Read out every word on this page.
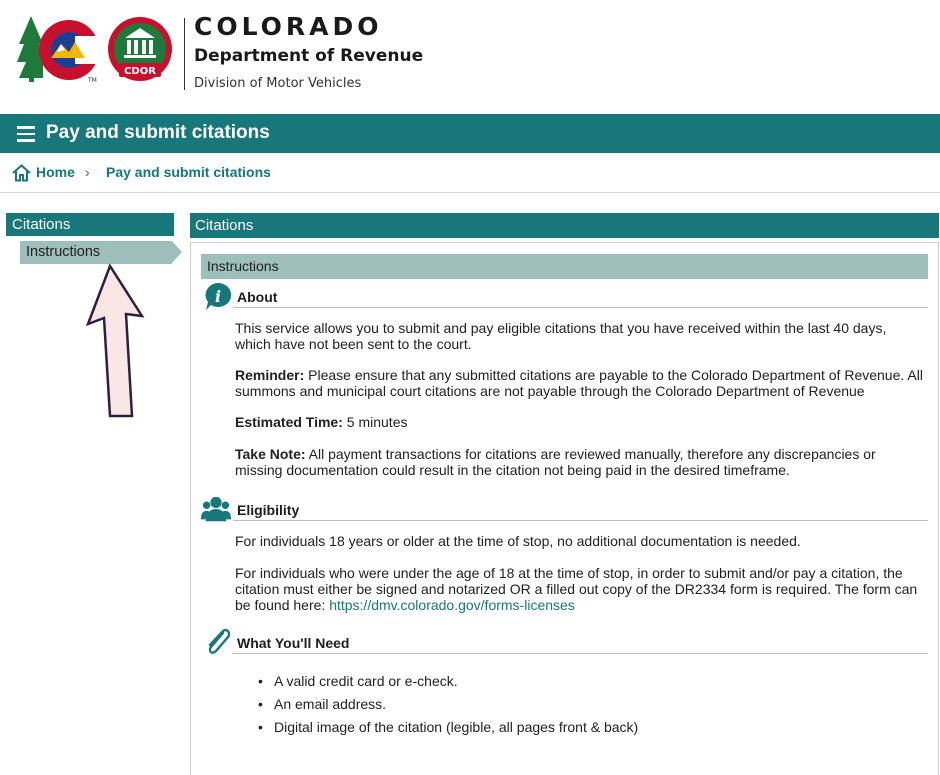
TM
CDOR
COLORADO
Department of Revenue
Division of Motor Vehicles
Pay and submit citations
Home › Pay and submit citations
Citations
Instructions
Citations
Instructions
i About
This service allows you to submit and pay eligible citations that you have received within the last 40 days, which have not been sent to the court.
Reminder: Please ensure that any submitted citations are payable to the Colorado Department of Revenue. All summons and municipal court citations are not payable through the Colorado Department of Revenue
Estimated Time: 5 minutes
Take Note: All payment transactions for citations are reviewed manually, therefore any discrepancies or missing documentation could result in the citation not being paid in the desired timeframe.
Eligibility
For individuals 18 years or older at the time of stop, no additional documentation is needed.
For individuals who were under the age of 18 at the time of stop, in order to submit and/or pay a citation, the citation must either be signed and notarized OR a filled out copy of the DR2334 form is required. The form can be found here: https://dmv.colorado.gov/forms-licenses
What You'll Need
• A valid credit card or e-check.
• An email address.
• Digital image of the citation (legible, all pages front & back)
